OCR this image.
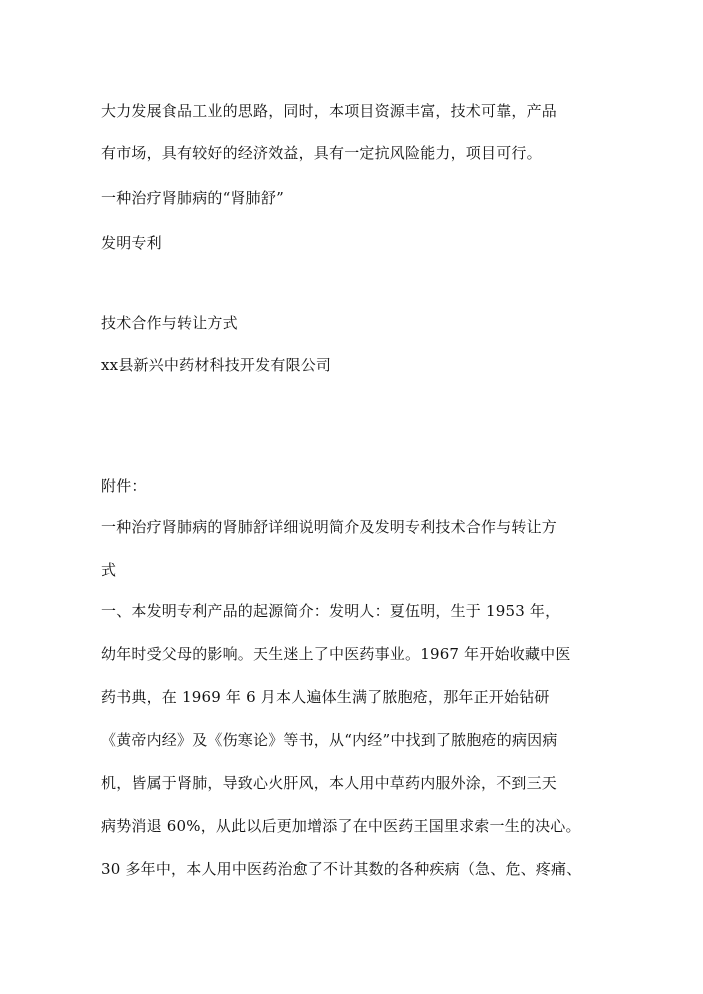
大力发展食品工业的思路，同时，本项目资源丰富，技术可靠，产品
有市场，具有较好的经济效益，具有一定抗风险能力，项目可行。
一种治疗肾肺病的“肾肺舒”
发明专利
技术合作与转让方式
xx县新兴中药材科技开发有限公司
附件：
一种治疗肾肺病的肾肺舒详细说明简介及发明专利技术合作与转让方
式
一、本发明专利产品的起源简介：发明人：夏伍明，生于 1953 年，
幼年时受父母的影响。天生迷上了中医药事业。1967 年开始收藏中医
药书典，在 1969 年 6 月本人遍体生满了脓胞疮，那年正开始钻研
《黄帝内经》及《伤寒论》等书，从“内经”中找到了脓胞疮的病因病
机，皆属于肾肺，导致心火肝风，本人用中草药内服外涂，不到三天
病势消退 60%，从此以后更加增添了在中医药王国里求索一生的决心。
30 多年中，本人用中医药治愈了不计其数的各种疾病（急、危、疼痛、
